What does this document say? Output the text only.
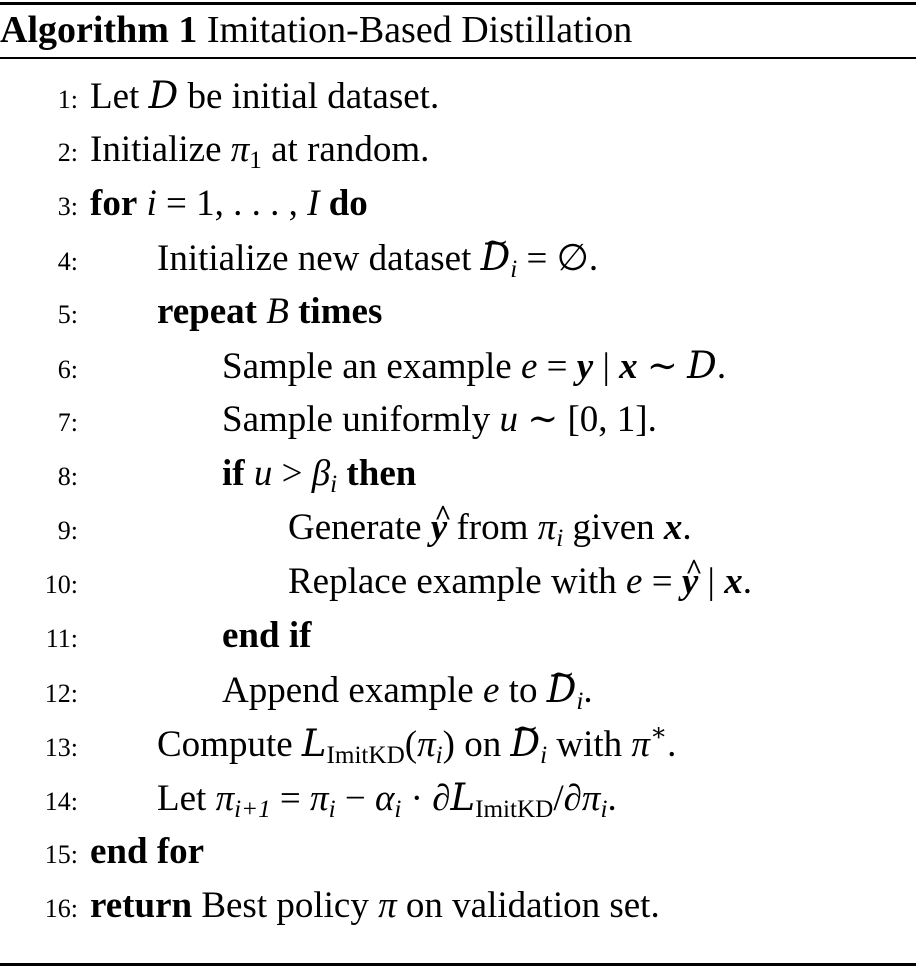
Algorithm 1 Imitation-Based Distillation
1: Let D be initial dataset.
2: Initialize $\pi_1$ at random.
3: for i = 1, . . . , I do
4: Initialize new dataset ~ $D_i$ = ∅.
5: repeat B times
6:	Sample an example e = y | x ∼ D.
7:	Sample uniformly u ∼ [0, 1].
8:	if $u > \beta_i$ then
9:	Generate ^ y from $\pi_i$ given x.
10:	Replace example with e = ^ y | x.
11:	end if
12:	Append example e to ~ $D_i$.
13: Compute $L_{ImitKD}(\pi_i)$ on ~ $D_i$ with π∗.
14: Let $\pi_{i+1} = \pi_i - \alpha_i \cdot \partial L_{ImitKD}/\partial\pi_i$.
15: end for
16: return Best policy π on validation set.
